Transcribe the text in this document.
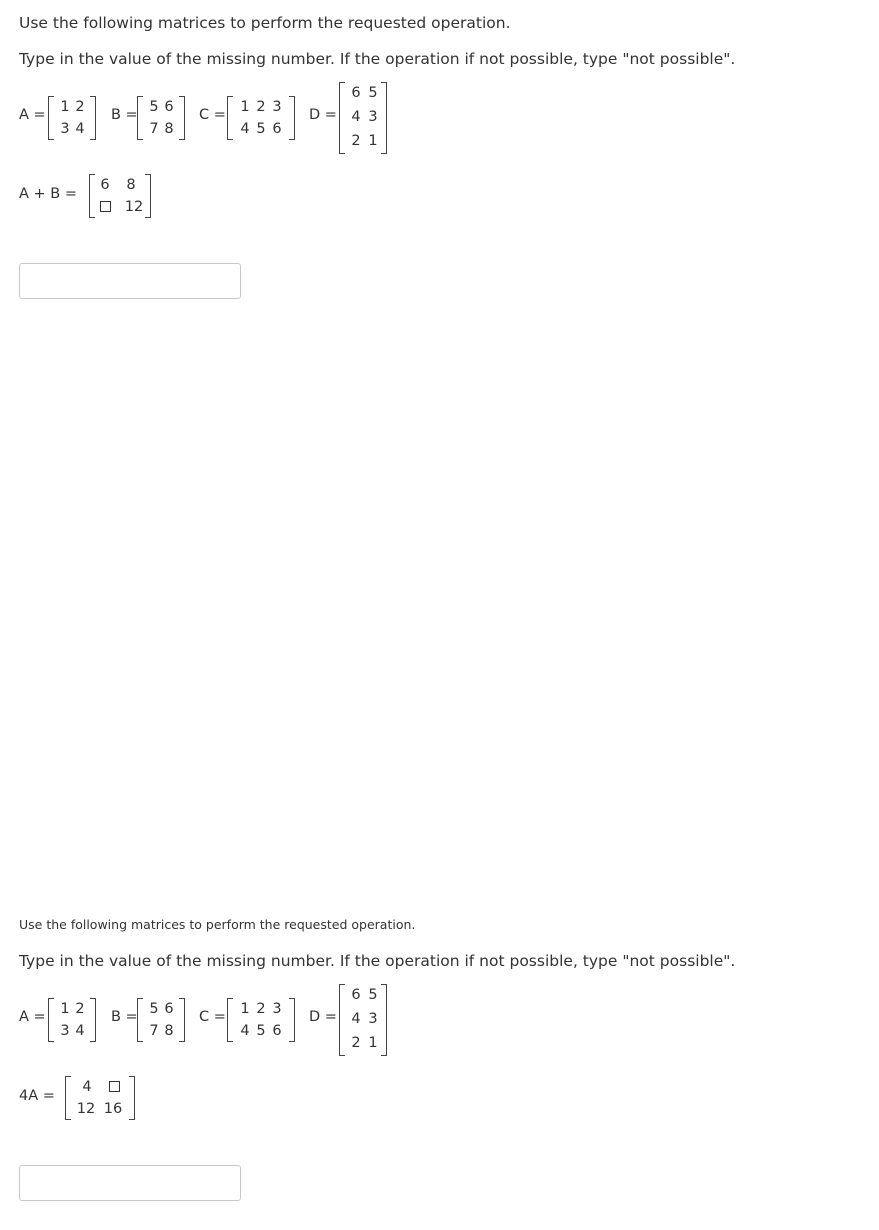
Use the following matrices to perform the requested operation.

Type in the value of the missing number. If the operation if not possible, type "not possible".

A = 1 2
3 4
B = 5 6
7 8
C = 1 2 3
4 5 6
D =
6 5
4 3
2 1
A + B =
6 8
12

Use the following matrices to perform the requested operation.

Type in the value of the missing number. If the operation if not possible, type "not possible".

A = 1 2
3 4
B = 5 6
7 8
C = 1 2 3
4 5 6
D =
6 5
4 3
2 1
4A =
4
12 16
